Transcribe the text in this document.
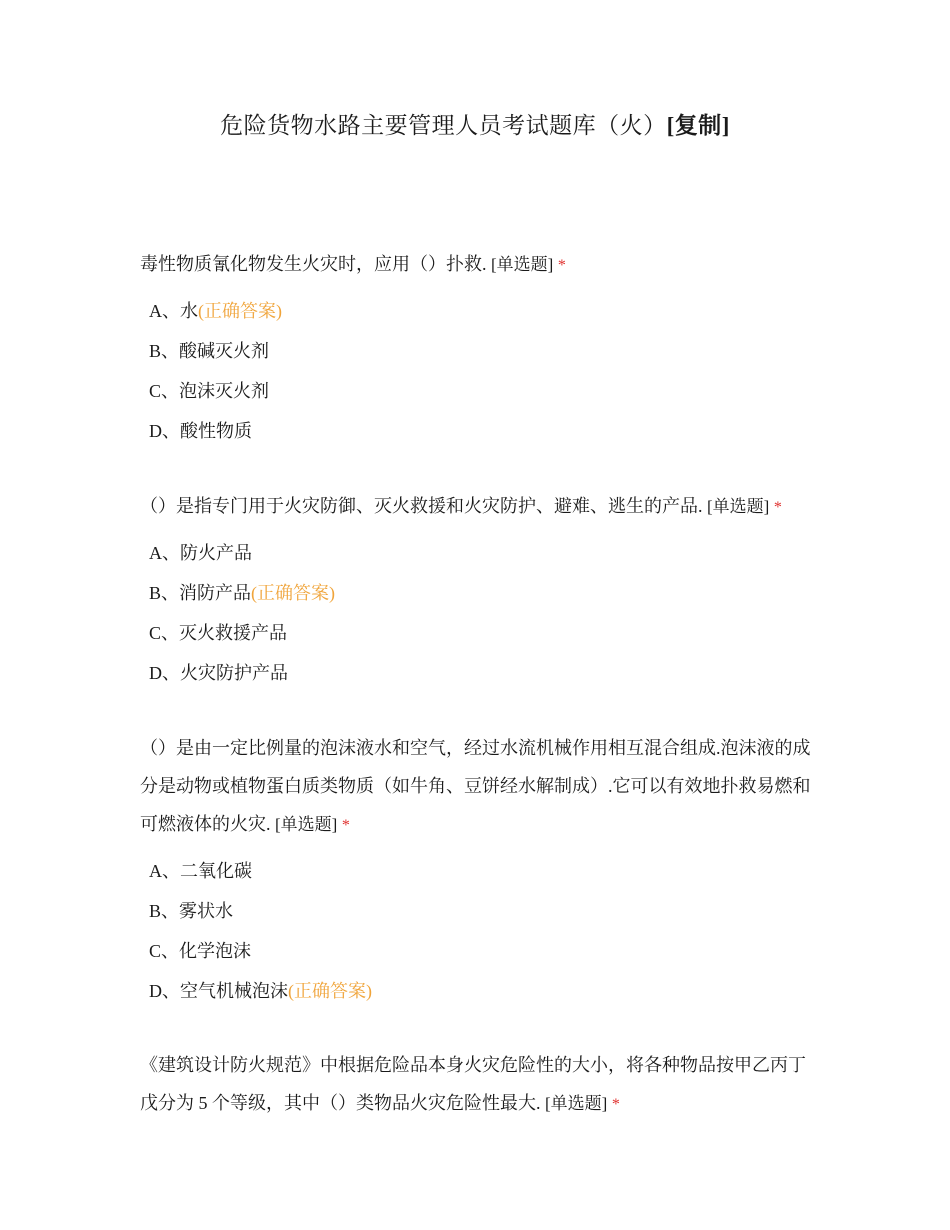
危险货物水路主要管理人员考试题库（火）[复制]

毒性物质氰化物发生火灾时，应用（）扑救. [单选题] *

A、水(正确答案)
B、酸碱灭火剂
C、泡沫灭火剂
D、酸性物质

（）是指专门用于火灾防御、灭火救援和火灾防护、避难、逃生的产品. [单选题] *

A、防火产品
B、消防产品(正确答案)
C、灭火救援产品
D、火灾防护产品

（）是由一定比例量的泡沫液水和空气，经过水流机械作用相互混合组成.泡沫液的成分是动物或植物蛋白质类物质（如牛角、豆饼经水解制成）.它可以有效地扑救易燃和可燃液体的火灾. [单选题] *

A、二氧化碳
B、雾状水
C、化学泡沫
D、空气机械泡沫(正确答案)

《建筑设计防火规范》中根据危险品本身火灾危险性的大小，将各种物品按甲乙丙丁戊分为 5 个等级，其中（）类物品火灾危险性最大. [单选题] *
